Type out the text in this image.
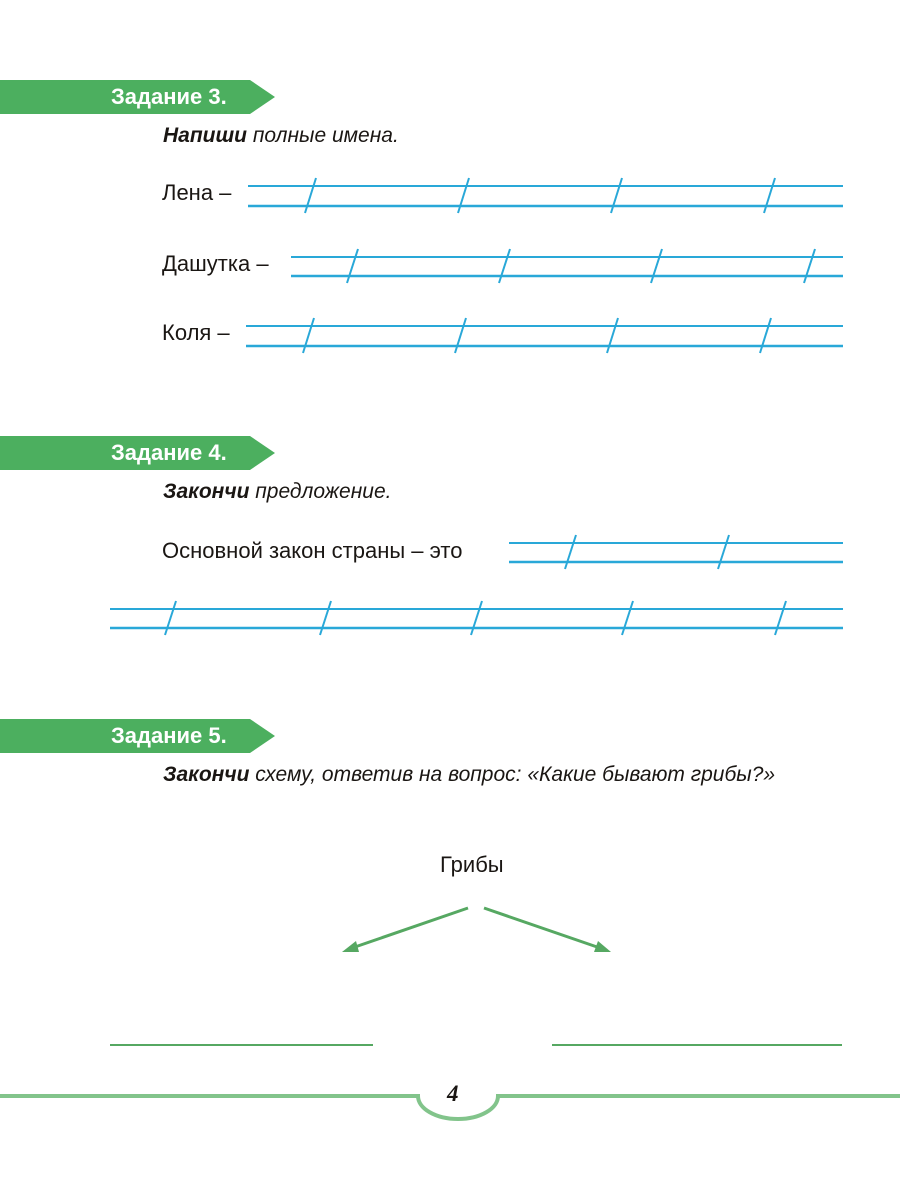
Задание 3.
Напиши полные имена.
Лена –
Дашутка –
Коля –
Задание 4.
Закончи предложение.
Основной закон страны – это
Задание 5.
Закончи схему, ответив на вопрос: «Какие бывают грибы?»
Грибы
4
